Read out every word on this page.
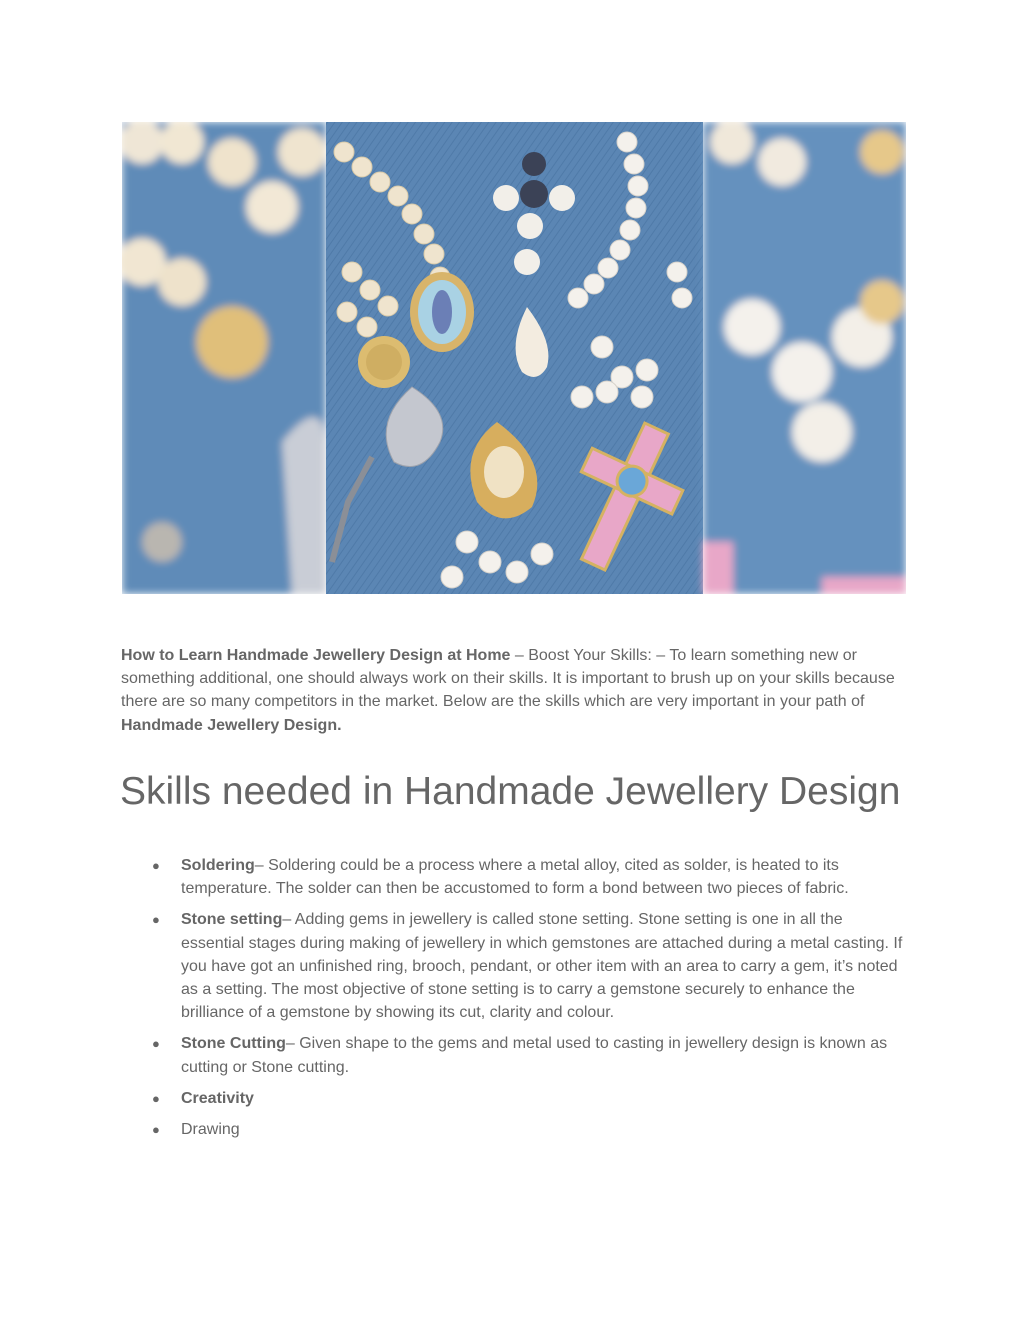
How to Learn Handmade Jewellery Design at Home – Boost Your Skills: – To learn something new or something additional, one should always work on their skills. It is important to brush up on your skills because there are so many competitors in the market. Below are the skills which are very important in your path of Handmade Jewellery Design.

Skills needed in Handmade Jewellery Design
● Soldering– Soldering could be a process where a metal alloy, cited as solder, is heated to its temperature. The solder can then be accustomed to form a bond between two pieces of fabric.
● Stone setting– Adding gems in jewellery is called stone setting. Stone setting is one in all the essential stages during making of jewellery in which gemstones are attached during a metal casting. If you have got an unfinished ring, brooch, pendant, or other item with an area to carry a gem, it’s noted as a setting. The most objective of stone setting is to carry a gemstone securely to enhance the brilliance of a gemstone by showing its cut, clarity and colour.
● Stone Cutting– Given shape to the gems and metal used to casting in jewellery design is known as cutting or Stone cutting.
● Creativity
● Drawing
